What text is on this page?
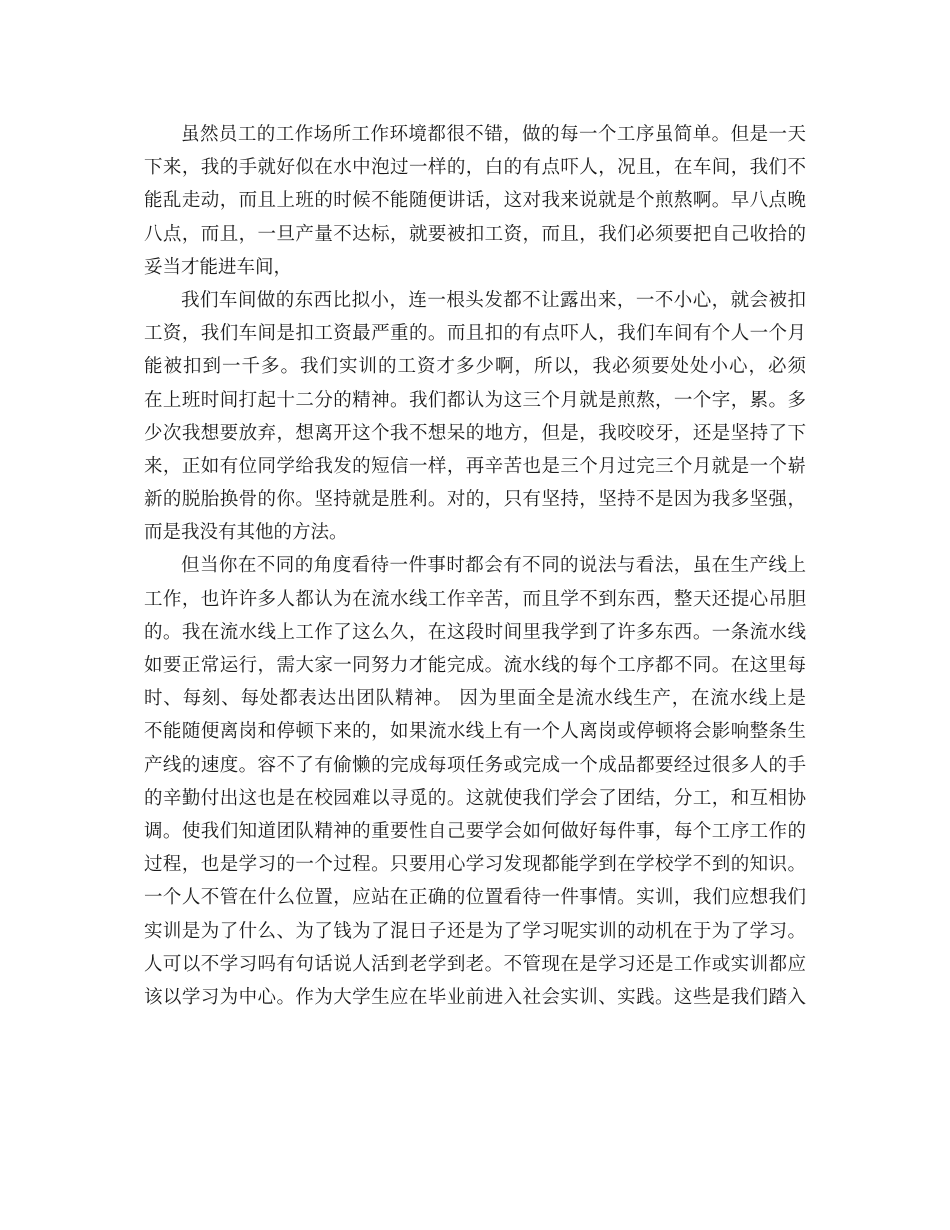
虽然员工的工作场所工作环境都很不错，做的每一个工序虽简单。但是一天
下来，我的手就好似在水中泡过一样的，白的有点吓人，况且，在车间，我们不
能乱走动，而且上班的时候不能随便讲话，这对我来说就是个煎熬啊。早八点晚
八点，而且，一旦产量不达标，就要被扣工资，而且，我们必须要把自己收拾的
妥当才能进车间，
我们车间做的东西比拟小，连一根头发都不让露出来，一不小心，就会被扣
工资，我们车间是扣工资最严重的。而且扣的有点吓人，我们车间有个人一个月
能被扣到一千多。我们实训的工资才多少啊，所以，我必须要处处小心，必须
在上班时间打起十二分的精神。我们都认为这三个月就是煎熬，一个字，累。多
少次我想要放弃，想离开这个我不想呆的地方，但是，我咬咬牙，还是坚持了下
来，正如有位同学给我发的短信一样，再辛苦也是三个月过完三个月就是一个崭
新的脱胎换骨的你。坚持就是胜利。对的，只有坚持，坚持不是因为我多坚强，
而是我没有其他的方法。
但当你在不同的角度看待一件事时都会有不同的说法与看法，虽在生产线上
工作，也许许多人都认为在流水线工作辛苦，而且学不到东西，整天还提心吊胆
的。我在流水线上工作了这么久，在这段时间里我学到了许多东西。一条流水线
如要正常运行，需大家一同努力才能完成。流水线的每个工序都不同。在这里每
时、每刻、每处都表达出团队精神。 因为里面全是流水线生产，在流水线上是
不能随便离岗和停顿下来的，如果流水线上有一个人离岗或停顿将会影响整条生
产线的速度。容不了有偷懒的完成每项任务或完成一个成品都要经过很多人的手
的辛勤付出这也是在校园难以寻觅的。这就使我们学会了团结，分工，和互相协
调。使我们知道团队精神的重要性自己要学会如何做好每件事，每个工序工作的
过程，也是学习的一个过程。只要用心学习发现都能学到在学校学不到的知识。
一个人不管在什么位置，应站在正确的位置看待一件事情。实训，我们应想我们
实训是为了什么、为了钱为了混日子还是为了学习呢实训的动机在于为了学习。
人可以不学习吗有句话说人活到老学到老。不管现在是学习还是工作或实训都应
该以学习为中心。作为大学生应在毕业前进入社会实训、实践。这些是我们踏入
